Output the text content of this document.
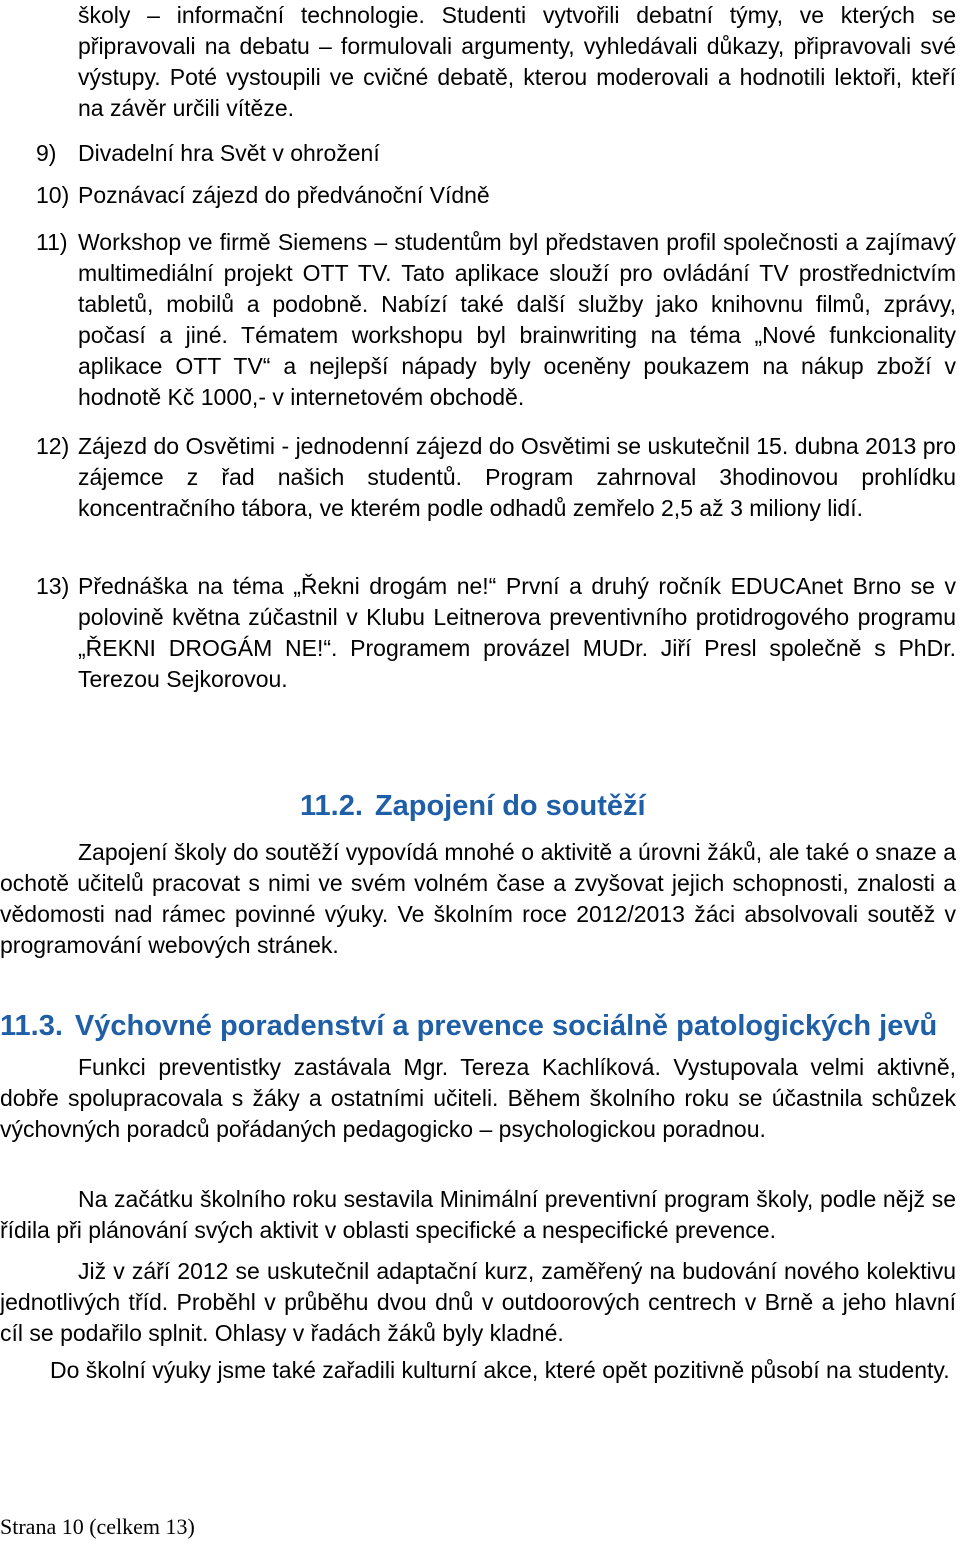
školy – informační technologie. Studenti vytvořili debatní týmy, ve kterých se připravovali na debatu – formulovali argumenty, vyhledávali důkazy, připravovali své výstupy. Poté vystoupili ve cvičné debatě, kterou moderovali a hodnotili lektoři, kteří na závěr určili vítěze.

9) Divadelní hra Svět v ohrožení

10) Poznávací zájezd do předvánoční Vídně

11) Workshop ve firmě Siemens – studentům byl představen profil společnosti a zajímavý multimediální projekt OTT TV. Tato aplikace slouží pro ovládání TV prostřednictvím tabletů, mobilů a podobně. Nabízí také další služby jako knihovnu filmů, zprávy, počasí a jiné. Tématem workshopu byl brainwriting na téma „Nové funkcionality aplikace OTT TV“ a nejlepší nápady byly oceněny poukazem na nákup zboží v hodnotě Kč 1000,- v internetovém obchodě.

12) Zájezd do Osvětimi - jednodenní zájezd do Osvětimi se uskutečnil 15. dubna 2013 pro zájemce z řad našich studentů. Program zahrnoval 3hodinovou prohlídku koncentračního tábora, ve kterém podle odhadů zemřelo 2,5 až 3 miliony lidí.

13) Přednáška na téma „Řekni drogám ne!“ První a druhý ročník EDUCAnet Brno se v polovině května zúčastnil v Klubu Leitnerova preventivního protidrogového programu „ŘEKNI DROGÁM NE!“. Programem provázel MUDr. Jiří Presl společně s PhDr. Terezou Sejkorovou.

11.2. Zapojení do soutěží

Zapojení školy do soutěží vypovídá mnohé o aktivitě a úrovni žáků, ale také o snaze a ochotě učitelů pracovat s nimi ve svém volném čase a zvyšovat jejich schopnosti, znalosti a vědomosti nad rámec povinné výuky. Ve školním roce 2012/2013 žáci absolvovali soutěž v programování webových stránek.

11.3. Výchovné poradenství a prevence sociálně patologických jevů

Funkci preventistky zastávala Mgr. Tereza Kachlíková. Vystupovala velmi aktivně, dobře spolupracovala s žáky a ostatními učiteli. Během školního roku se účastnila schůzek výchovných poradců pořádaných pedagogicko – psychologickou poradnou.

Na začátku školního roku sestavila Minimální preventivní program školy, podle nějž se řídila při plánování svých aktivit v oblasti specifické a nespecifické prevence.

Již v září 2012 se uskutečnil adaptační kurz, zaměřený na budování nového kolektivu jednotlivých tříd. Proběhl v průběhu dvou dnů v outdoorových centrech v Brně a jeho hlavní cíl se podařilo splnit. Ohlasy v řadách žáků byly kladné.

Do školní výuky jsme také zařadili kulturní akce, které opět pozitivně působí na studenty.

Strana 10 (celkem 13)
